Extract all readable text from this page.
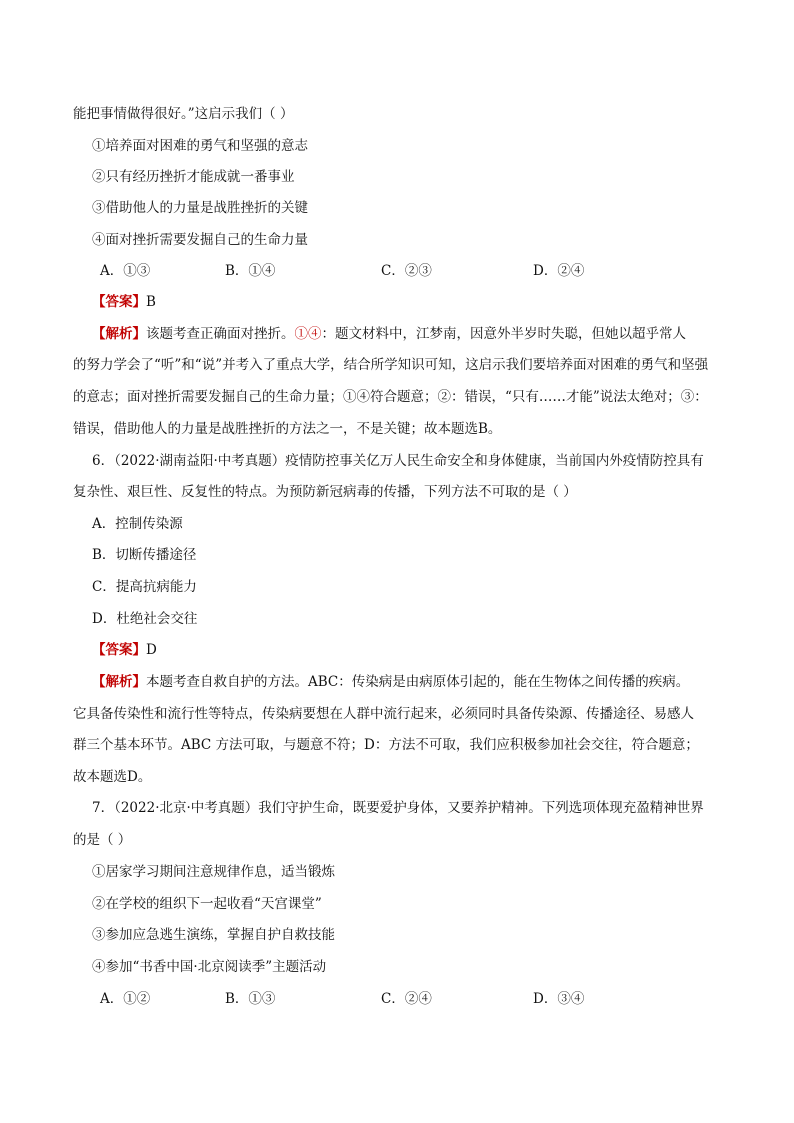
能把事情做得很好。”这启示我们（ ）
①培养面对困难的勇气和坚强的意志
②只有经历挫折才能成就一番事业
③借助他人的力量是战胜挫折的关键
④面对挫折需要发掘自己的生命力量
A．①③	B．①④	C．②③	D．②④
【答案】B
【解析】该题考查正确面对挫折。①④：题文材料中，江梦南，因意外半岁时失聪，但她以超乎常人
的努力学会了“听”和“说”并考入了重点大学，结合所学知识可知，这启示我们要培养面对困难的勇气和坚强
的意志；面对挫折需要发掘自己的生命力量；①④符合题意；②：错误，“只有……才能”说法太绝对；③：
错误，借助他人的力量是战胜挫折的方法之一，不是关键；故本题选B。
6．（2022·湖南益阳·中考真题）疫情防控事关亿万人民生命安全和身体健康，当前国内外疫情防控具有
复杂性、艰巨性、反复性的特点。为预防新冠病毒的传播，下列方法不可取的是（ ）
A．控制传染源
B．切断传播途径
C．提高抗病能力
D．杜绝社会交往
【答案】D
【解析】本题考查自救自护的方法。ABC：传染病是由病原体引起的，能在生物体之间传播的疾病。
它具备传染性和流行性等特点，传染病要想在人群中流行起来，必须同时具备传染源、传播途径、易感人
群三个基本环节。ABC 方法可取，与题意不符；D：方法不可取，我们应积极参加社会交往，符合题意；
故本题选D。
7．（2022·北京·中考真题）我们守护生命，既要爱护身体，又要养护精神。下列选项体现充盈精神世界
的是（ ）
①居家学习期间注意规律作息，适当锻炼
②在学校的组织下一起收看“天宫课堂”
③参加应急逃生演练，掌握自护自救技能
④参加“书香中国·北京阅读季”主题活动
A．①②	B．①③	C．②④	D．③④
